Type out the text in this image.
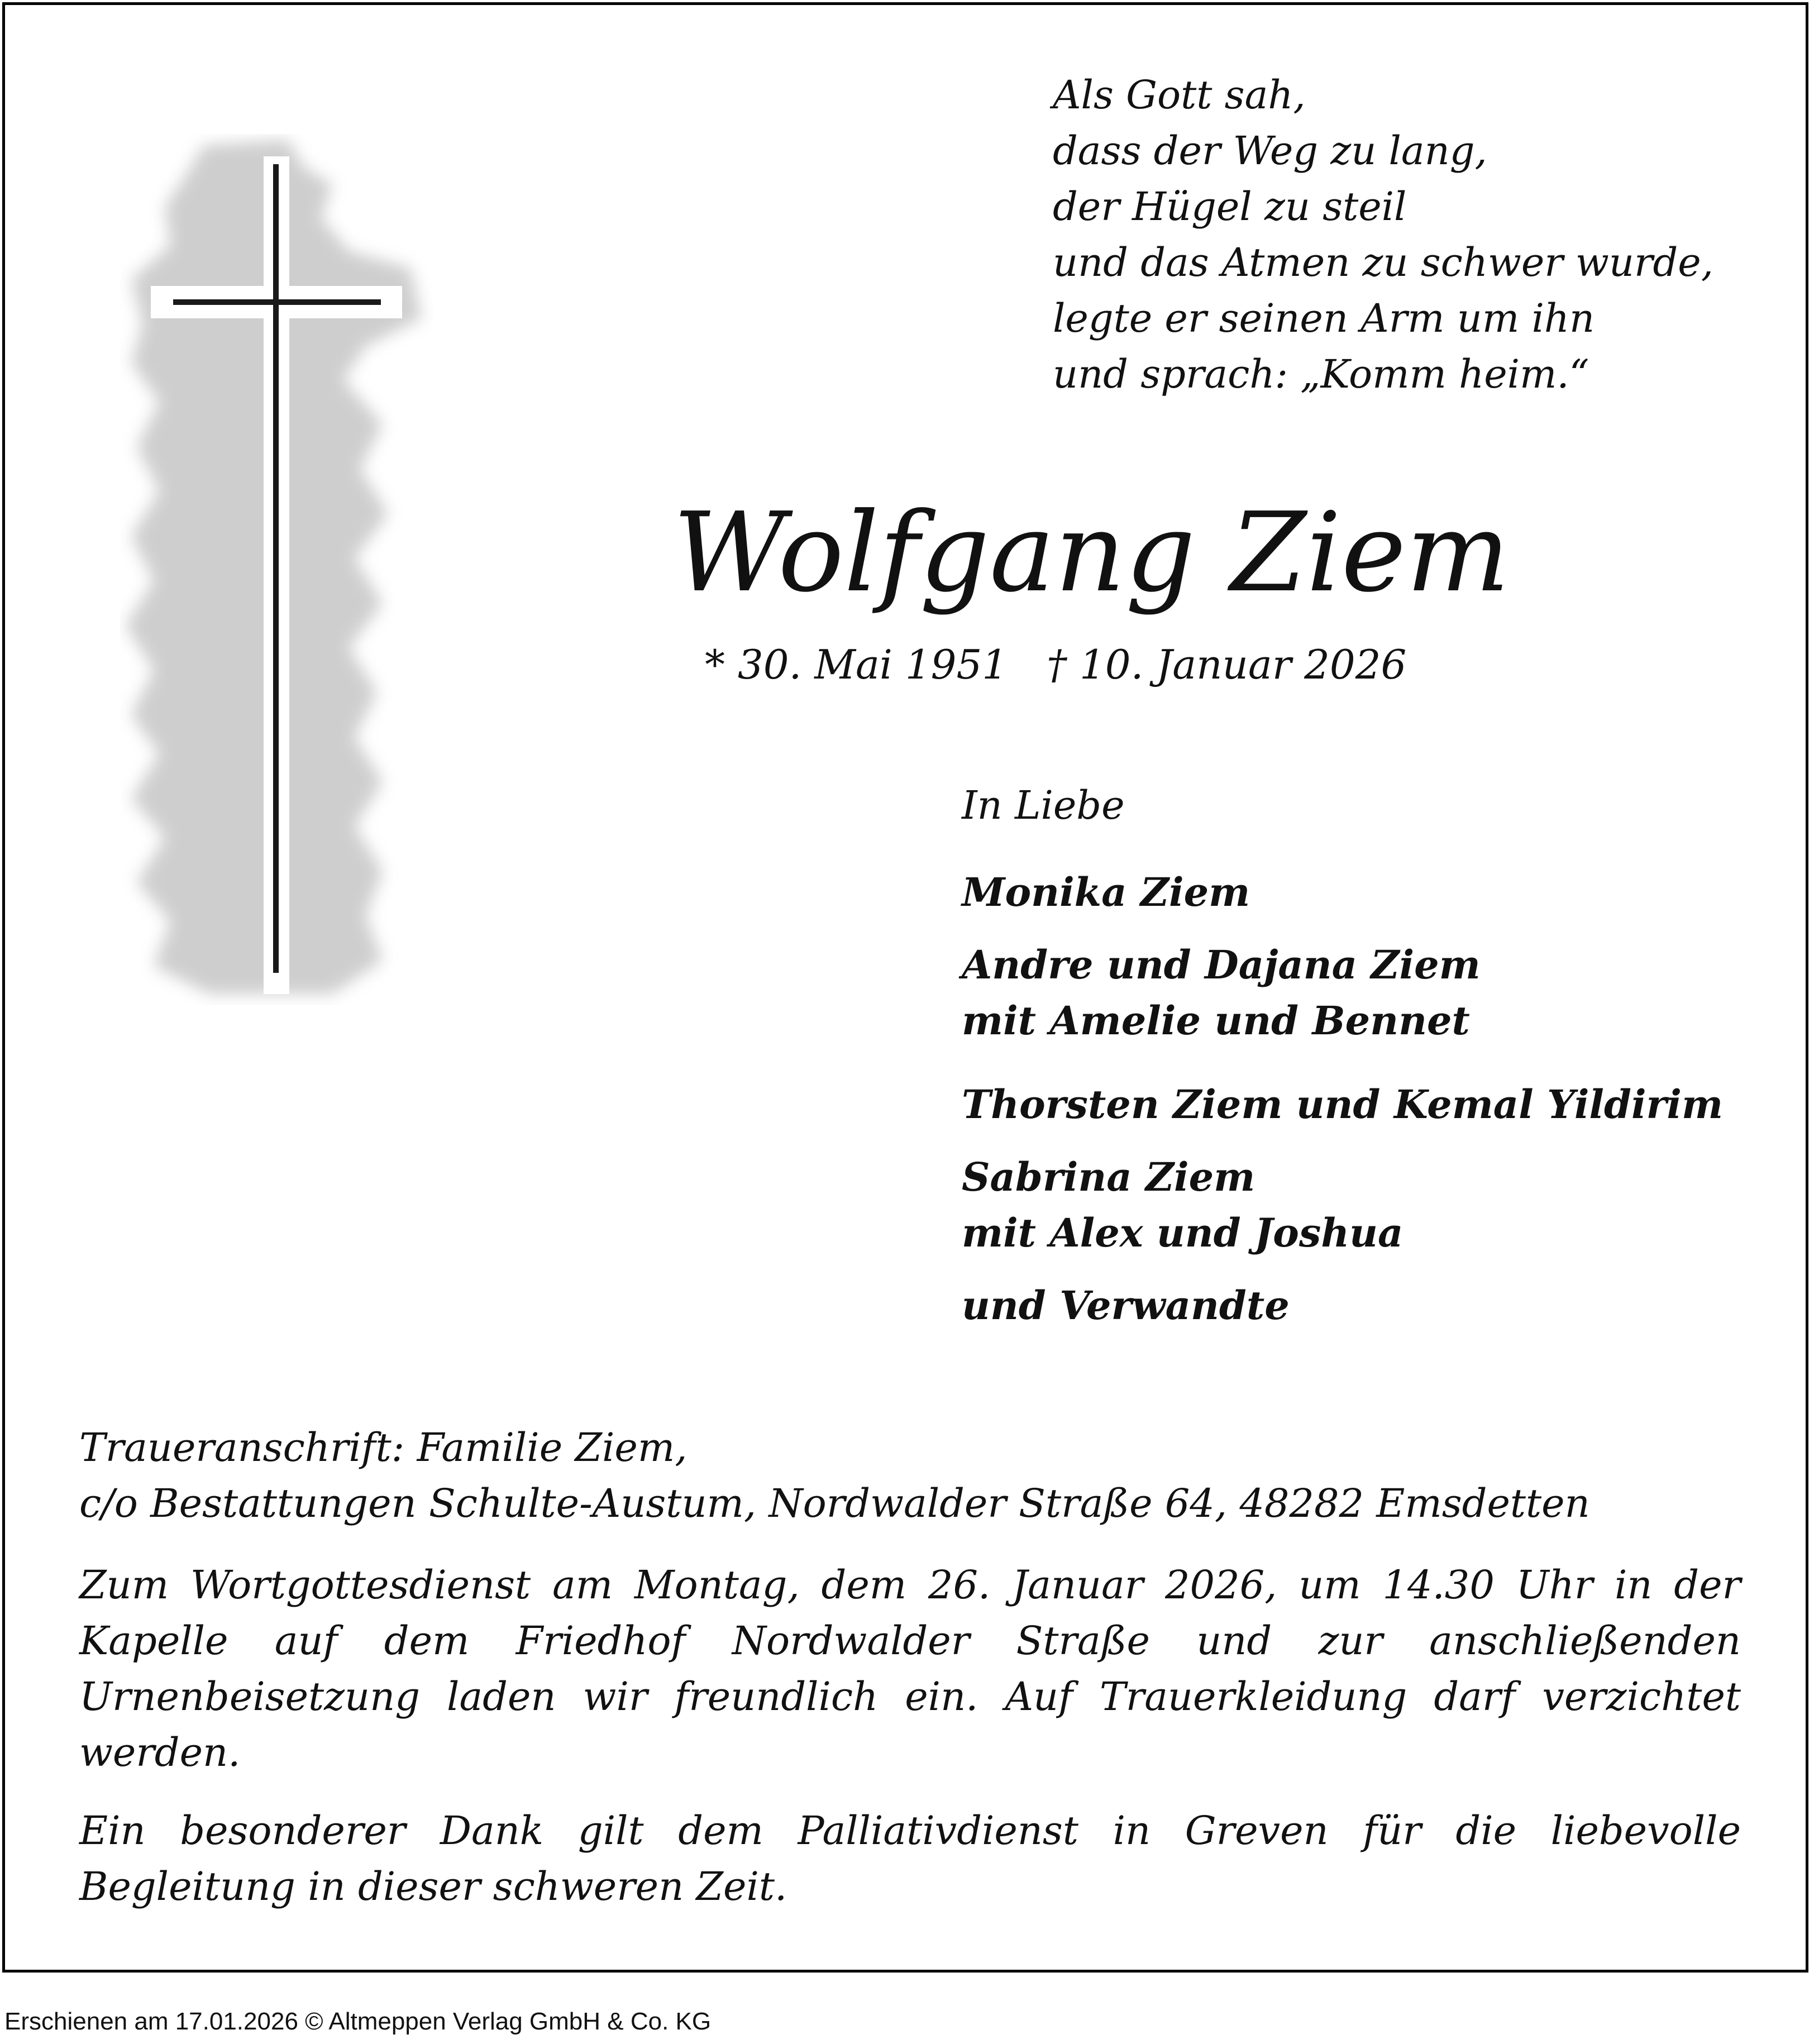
Als Gott sah,
dass der Weg zu lang,
der Hügel zu steil
und das Atmen zu schwer wurde,
legte er seinen Arm um ihn
und sprach: „Komm heim.“
Wolfgang Ziem
* 30. Mai 1951 † 10. Januar 2026
In Liebe
Monika Ziem
Andre und Dajana Ziem
mit Amelie und Bennet
Thorsten Ziem und Kemal Yildirim
Sabrina Ziem
mit Alex und Joshua
und Verwandte
Traueranschrift: Familie Ziem,
c/o Bestattungen Schulte-Austum, Nordwalder Straße 64, 48282 Emsdetten
Zum Wortgottesdienst am Montag, dem 26. Januar 2026, um 14.30 Uhr in der Kapelle auf dem Friedhof Nordwalder Straße und zur anschließenden Urnenbeisetzung laden wir freundlich ein. Auf Trauerkleidung darf verzichtet werden.
Ein besonderer Dank gilt dem Palliativdienst in Greven für die liebevolle Begleitung in dieser schweren Zeit.
Erschienen am 17.01.2026 © Altmeppen Verlag GmbH & Co. KG
